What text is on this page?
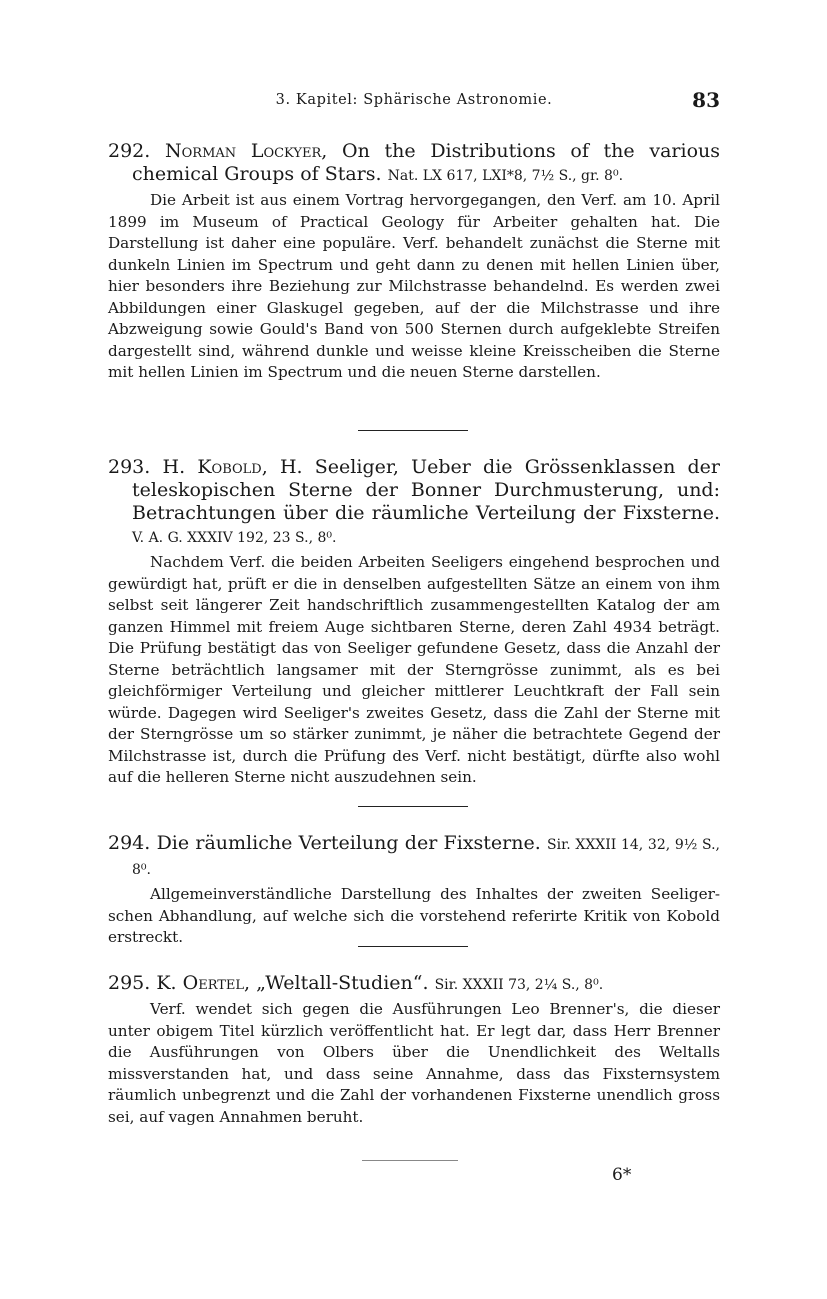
3. Kapitel: Sphärische Astronomie.	83

292. Norman Lockyer, On the Distributions of the various chemical Groups of Stars. Nat. LX 617, LXI*8, 7½ S., gr. 8⁰.

Die Arbeit ist aus einem Vortrag hervorgegangen, den Verf. am 10. April 1899 im Museum of Practical Geology für Arbeiter gehalten hat. Die Darstellung ist daher eine populäre. Verf. behandelt zunächst die Sterne mit dunkeln Linien im Spectrum und geht dann zu denen mit hellen Linien über, hier besonders ihre Beziehung zur Milchstrasse behandelnd. Es werden zwei Abbildungen einer Glaskugel gegeben, auf der die Milchstrasse und ihre Abzweigung sowie Gould's Band von 500 Sternen durch aufgeklebte Streifen dargestellt sind, während dunkle und weisse kleine Kreisscheiben die Sterne mit hellen Linien im Spectrum und die neuen Sterne darstellen.

293. H. Kobold, H. Seeliger, Ueber die Grössenklassen der teleskopischen Sterne der Bonner Durchmusterung, und: Betrachtungen über die räumliche Verteilung der Fixsterne. V. A. G. XXXIV 192, 23 S., 8⁰.

Nachdem Verf. die beiden Arbeiten Seeligers eingehend besprochen und gewürdigt hat, prüft er die in denselben aufgestellten Sätze an einem von ihm selbst seit längerer Zeit handschriftlich zusammengestellten Katalog der am ganzen Himmel mit freiem Auge sichtbaren Sterne, deren Zahl 4934 beträgt. Die Prüfung bestätigt das von Seeliger gefundene Gesetz, dass die Anzahl der Sterne beträchtlich langsamer mit der Sterngrösse zunimmt, als es bei gleichförmiger Verteilung und gleicher mittlerer Leuchtkraft der Fall sein würde. Dagegen wird Seeliger's zweites Gesetz, dass die Zahl der Sterne mit der Sterngrösse um so stärker zunimmt, je näher die betrachtete Gegend der Milchstrasse ist, durch die Prüfung des Verf. nicht bestätigt, dürfte also wohl auf die helleren Sterne nicht auszudehnen sein.

294. Die räumliche Verteilung der Fixsterne. Sir. XXXII 14, 32, 9½ S., 8⁰.

Allgemeinverständliche Darstellung des Inhaltes der zweiten Seeliger-schen Abhandlung, auf welche sich die vorstehend referirte Kritik von Kobold erstreckt.

295. K. Oertel, „Weltall-Studien“. Sir. XXXII 73, 2¼ S., 8⁰.

Verf. wendet sich gegen die Ausführungen Leo Brenner's, die dieser unter obigem Titel kürzlich veröffentlicht hat. Er legt dar, dass Herr Brenner die Ausführungen von Olbers über die Unendlichkeit des Weltalls missverstanden hat, und dass seine Annahme, dass das Fixsternsystem räumlich unbegrenzt und die Zahl der vorhandenen Fixsterne unendlich gross sei, auf vagen Annahmen beruht.

6*
